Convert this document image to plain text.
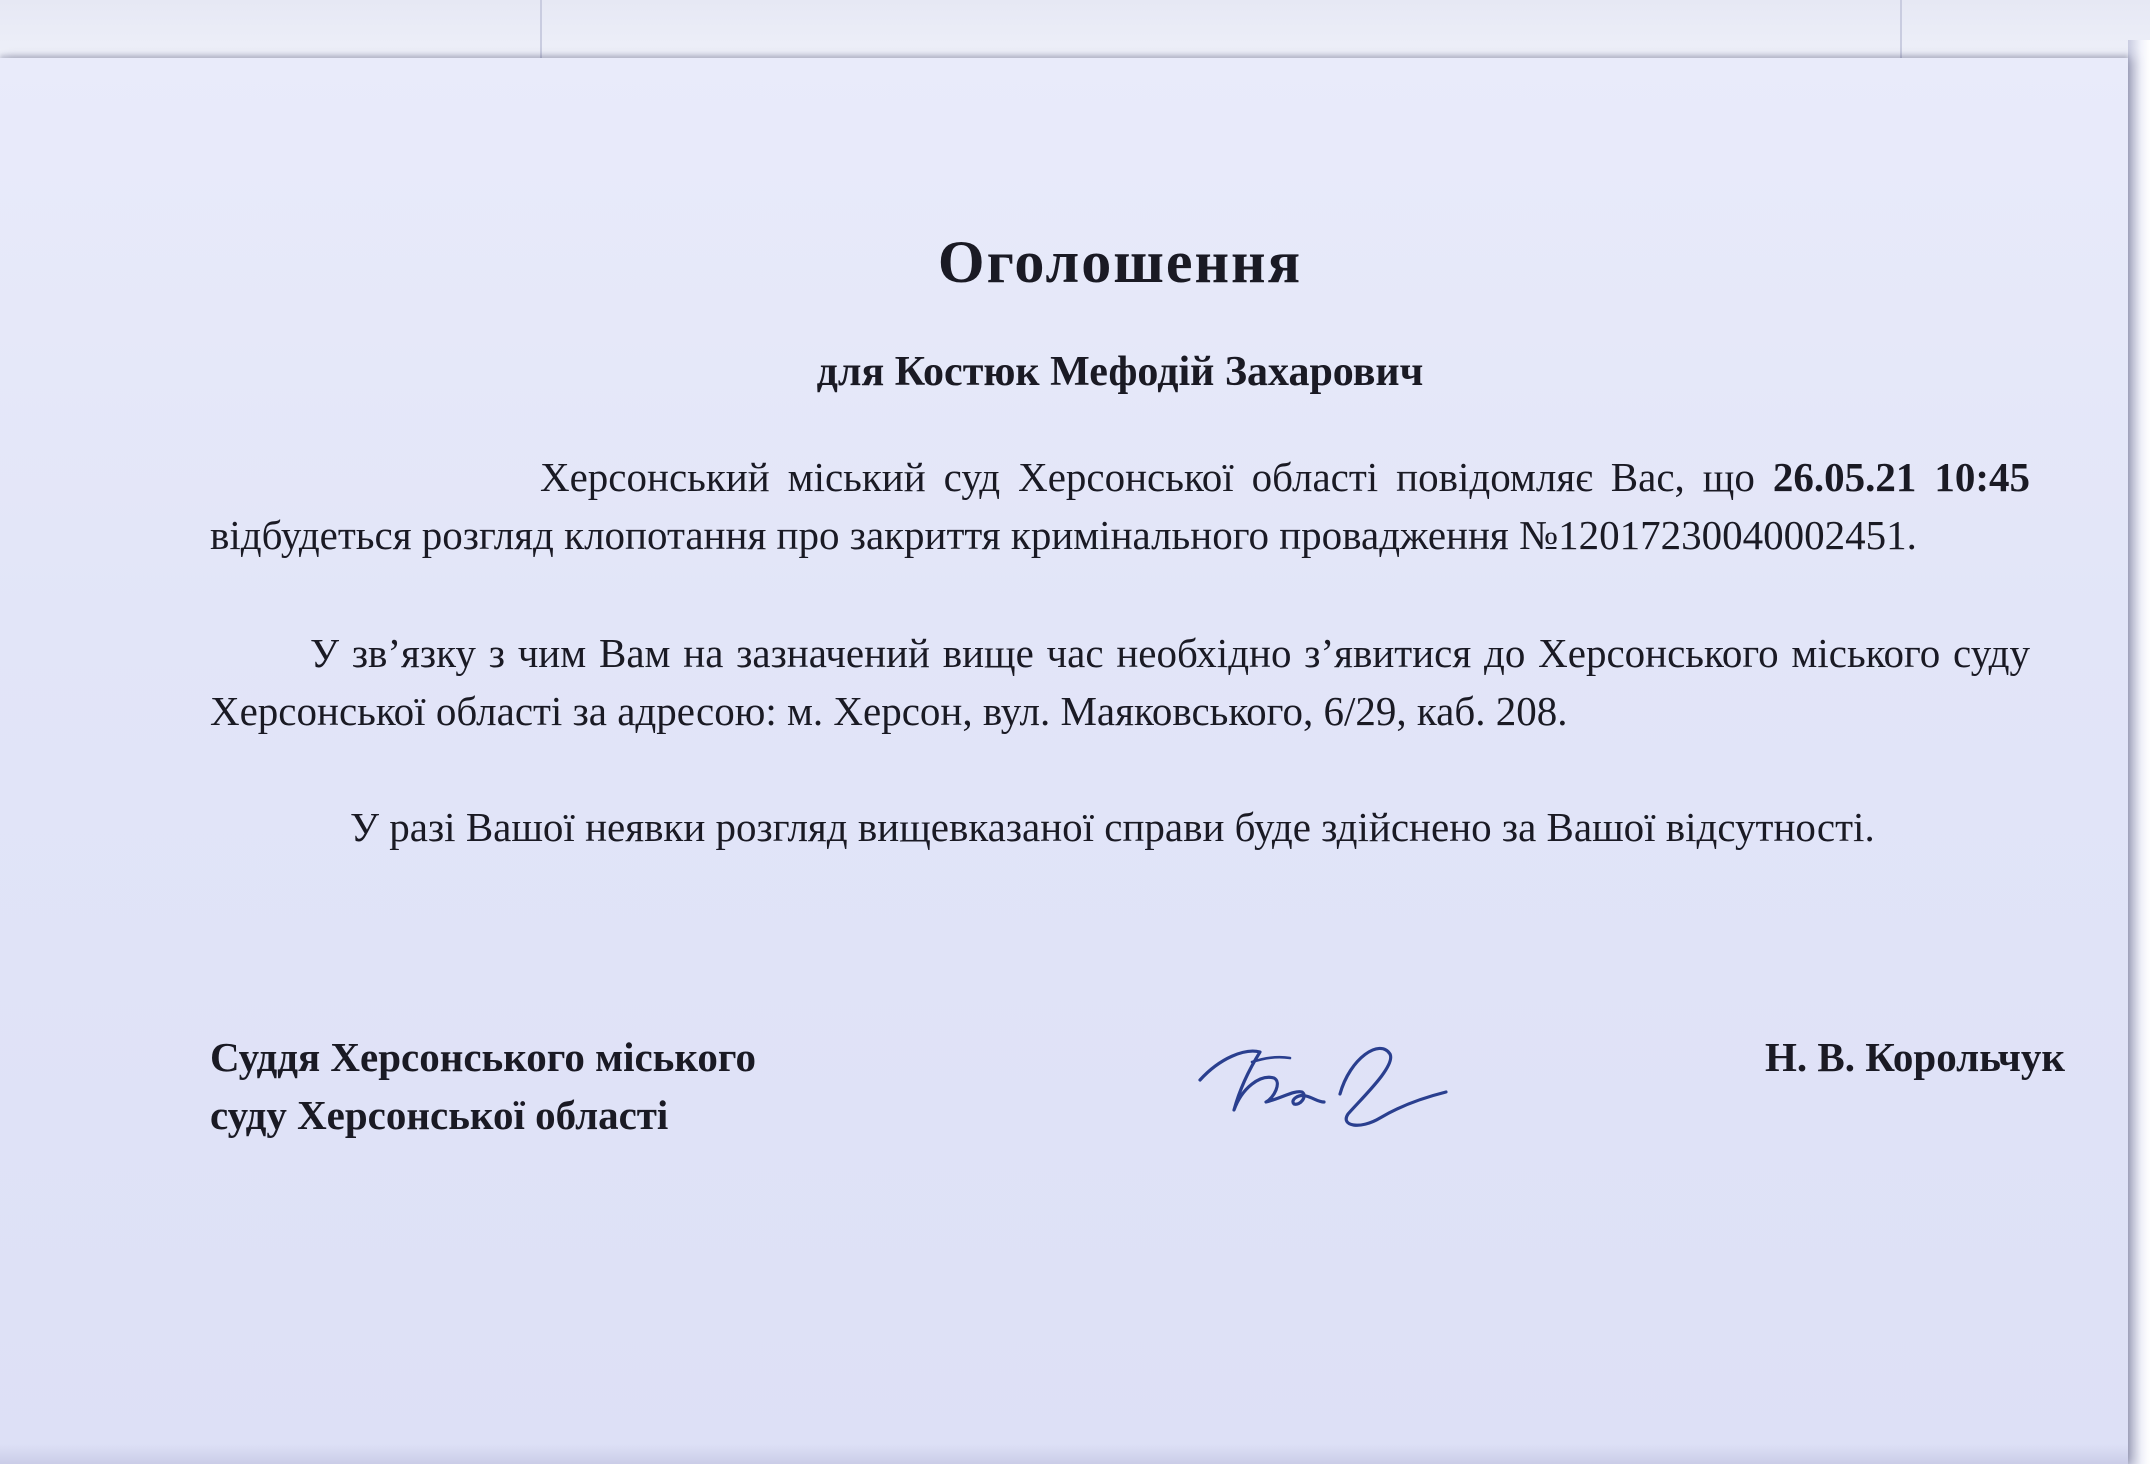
Оголошення
для Костюк Мефодій Захарович

Херсонський міський суд Херсонської області повідомляє Вас, що 26.05.21 10:45 відбудеться розгляд клопотання про закриття кримінального провадження №12017230040002451.

У зв’язку з чим Вам на зазначений вище час необхідно з’явитися до Херсонського міського суду Херсонської області за адресою: м. Херсон, вул. Маяковського, 6/29, каб. 208.

У разі Вашої неявки розгляд вищевказаної справи буде здійснено за Вашої відсутності.

Суддя Херсонського міського
суду Херсонської області
Н. В. Корольчук
